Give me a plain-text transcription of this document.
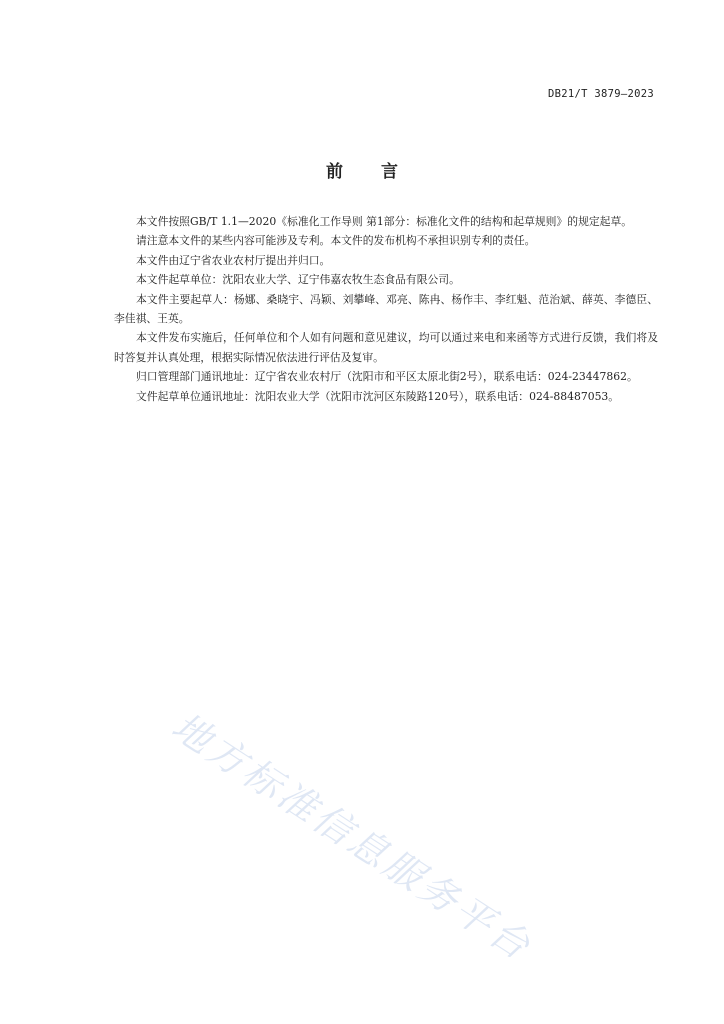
DB21/T 3879—2023
前言

本文件按照GB/T 1.1—2020《标准化工作导则 第1部分：标准化文件的结构和起草规则》的规定起草。

请注意本文件的某些内容可能涉及专利。本文件的发布机构不承担识别专利的责任。

本文件由辽宁省农业农村厅提出并归口。

本文件起草单位：沈阳农业大学、辽宁伟嘉农牧生态食品有限公司。

本文件主要起草人：杨娜、桑晓宇、冯颖、刘攀峰、邓亮、陈冉、杨作丰、李红魁、范治斌、薛英、李德臣、李佳祺、王英。

本文件发布实施后，任何单位和个人如有问题和意见建议，均可以通过来电和来函等方式进行反馈，我们将及时答复并认真处理，根据实际情况依法进行评估及复审。

归口管理部门通讯地址：辽宁省农业农村厅（沈阳市和平区太原北街2号），联系电话：024-23447862。

文件起草单位通讯地址：沈阳农业大学（沈阳市沈河区东陵路120号），联系电话：024-88487053。

地方标准信息服务平台
